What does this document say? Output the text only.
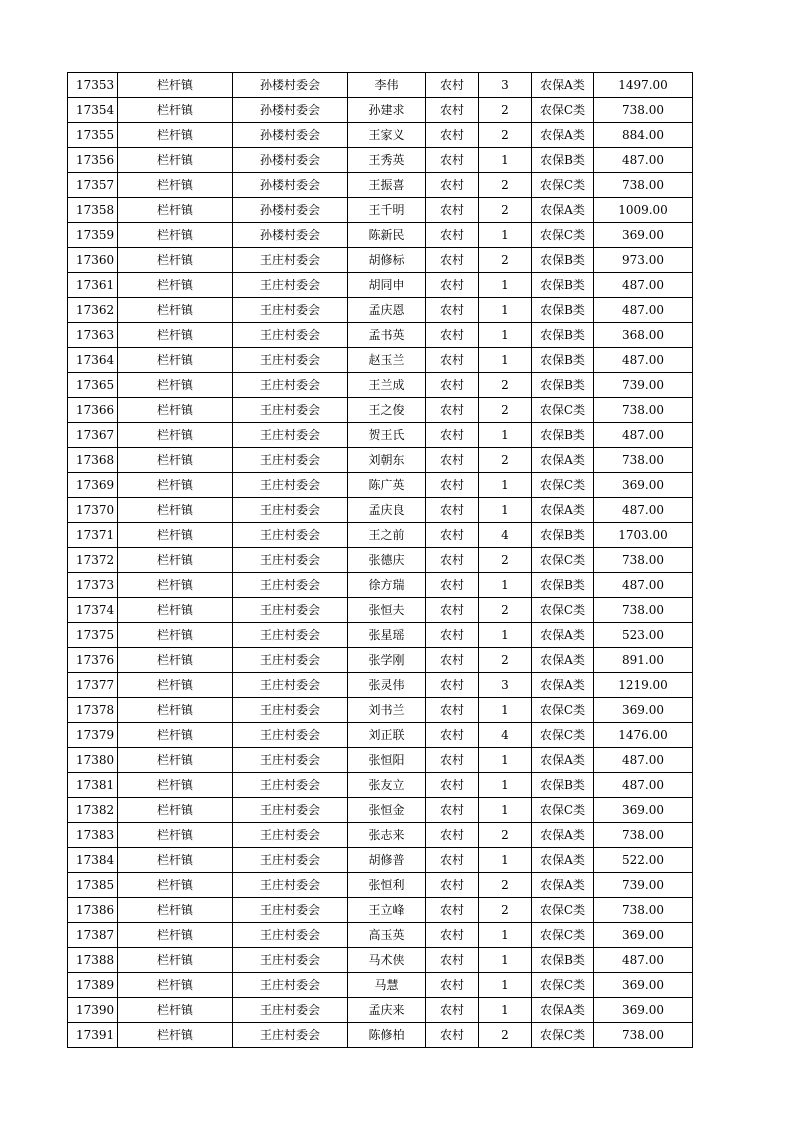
17353	栏杆镇	孙楼村委会	李伟	农村	3	农保A类	1497.00
17354	栏杆镇	孙楼村委会	孙建求	农村	2	农保C类	738.00
17355	栏杆镇	孙楼村委会	王家义	农村	2	农保A类	884.00
17356	栏杆镇	孙楼村委会	王秀英	农村	1	农保B类	487.00
17357	栏杆镇	孙楼村委会	王振喜	农村	2	农保C类	738.00
17358	栏杆镇	孙楼村委会	王千明	农村	2	农保A类	1009.00
17359	栏杆镇	孙楼村委会	陈新民	农村	1	农保C类	369.00
17360	栏杆镇	王庄村委会	胡修标	农村	2	农保B类	973.00
17361	栏杆镇	王庄村委会	胡同申	农村	1	农保B类	487.00
17362	栏杆镇	王庄村委会	孟庆恩	农村	1	农保B类	487.00
17363	栏杆镇	王庄村委会	孟书英	农村	1	农保B类	368.00
17364	栏杆镇	王庄村委会	赵玉兰	农村	1	农保B类	487.00
17365	栏杆镇	王庄村委会	王兰成	农村	2	农保B类	739.00
17366	栏杆镇	王庄村委会	王之俊	农村	2	农保C类	738.00
17367	栏杆镇	王庄村委会	贺王氏	农村	1	农保B类	487.00
17368	栏杆镇	王庄村委会	刘朝东	农村	2	农保A类	738.00
17369	栏杆镇	王庄村委会	陈广英	农村	1	农保C类	369.00
17370	栏杆镇	王庄村委会	孟庆良	农村	1	农保A类	487.00
17371	栏杆镇	王庄村委会	王之前	农村	4	农保B类	1703.00
17372	栏杆镇	王庄村委会	张德庆	农村	2	农保C类	738.00
17373	栏杆镇	王庄村委会	徐方瑞	农村	1	农保B类	487.00
17374	栏杆镇	王庄村委会	张恒夫	农村	2	农保C类	738.00
17375	栏杆镇	王庄村委会	张星瑶	农村	1	农保A类	523.00
17376	栏杆镇	王庄村委会	张学刚	农村	2	农保A类	891.00
17377	栏杆镇	王庄村委会	张灵伟	农村	3	农保A类	1219.00
17378	栏杆镇	王庄村委会	刘书兰	农村	1	农保C类	369.00
17379	栏杆镇	王庄村委会	刘正联	农村	4	农保C类	1476.00
17380	栏杆镇	王庄村委会	张恒阳	农村	1	农保A类	487.00
17381	栏杆镇	王庄村委会	张友立	农村	1	农保B类	487.00
17382	栏杆镇	王庄村委会	张恒金	农村	1	农保C类	369.00
17383	栏杆镇	王庄村委会	张志来	农村	2	农保A类	738.00
17384	栏杆镇	王庄村委会	胡修普	农村	1	农保A类	522.00
17385	栏杆镇	王庄村委会	张恒利	农村	2	农保A类	739.00
17386	栏杆镇	王庄村委会	王立峰	农村	2	农保C类	738.00
17387	栏杆镇	王庄村委会	高玉英	农村	1	农保C类	369.00
17388	栏杆镇	王庄村委会	马术侠	农村	1	农保B类	487.00
17389	栏杆镇	王庄村委会	马慧	农村	1	农保C类	369.00
17390	栏杆镇	王庄村委会	孟庆来	农村	1	农保A类	369.00
17391	栏杆镇	王庄村委会	陈修柏	农村	2	农保C类	738.00
